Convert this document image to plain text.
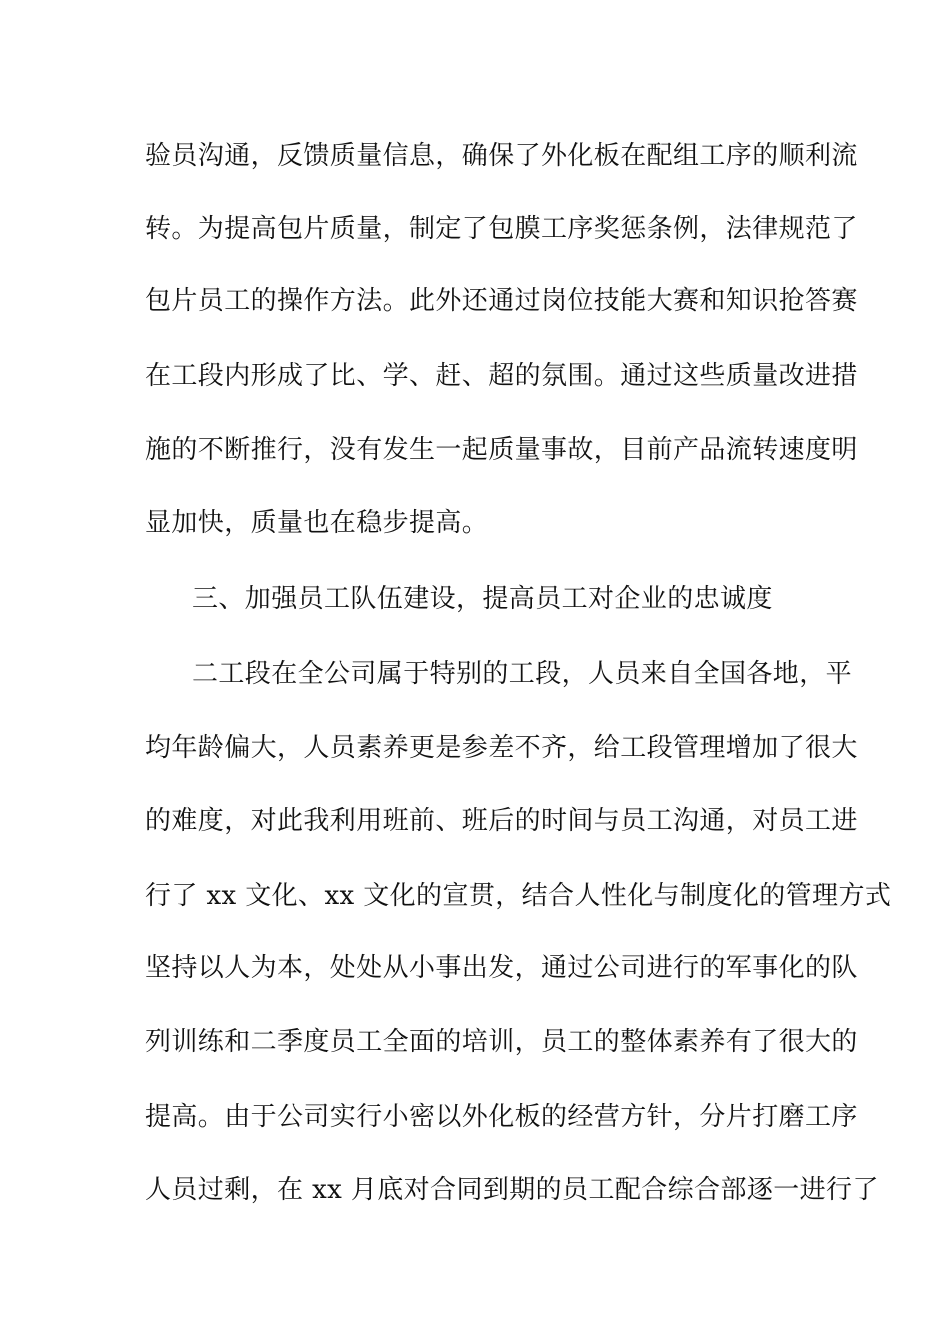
验员沟通，反馈质量信息，确保了外化板在配组工序的顺利流
转。为提高包片质量，制定了包膜工序奖惩条例，法律规范了
包片员工的操作方法。此外还通过岗位技能大赛和知识抢答赛
在工段内形成了比、学、赶、超的氛围。通过这些质量改进措
施的不断推行，没有发生一起质量事故，目前产品流转速度明
显加快，质量也在稳步提高。
三、加强员工队伍建设，提高员工对企业的忠诚度
二工段在全公司属于特别的工段，人员来自全国各地，平
均年龄偏大，人员素养更是参差不齐，给工段管理增加了很大
的难度，对此我利用班前、班后的时间与员工沟通，对员工进
行了 xx 文化、xx 文化的宣贯，结合人性化与制度化的管理方式
坚持以人为本，处处从小事出发，通过公司进行的军事化的队
列训练和二季度员工全面的培训，员工的整体素养有了很大的
提高。由于公司实行小密以外化板的经营方针，分片打磨工序
人员过剩，在 xx 月底对合同到期的员工配合综合部逐一进行了
